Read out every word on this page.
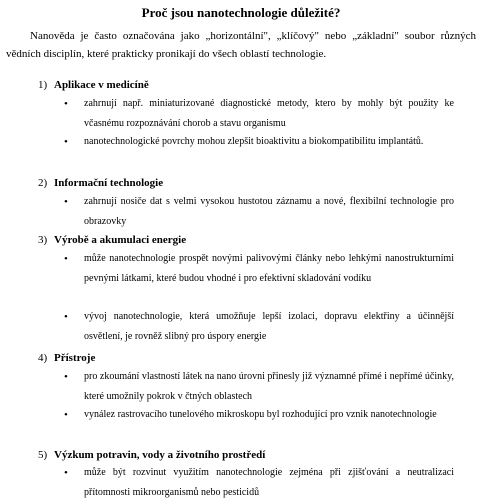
Proč jsou nanotechnologie důležité?
Nanověda je často označována jako „horizontální", „klíčový" nebo „základní" soubor různých vědních disciplín, které prakticky pronikají do všech oblastí technologie.
1) Aplikace v medicíně
• zahrnují např. miniaturizované diagnostické metody, ktero by mohly být použity ke včasnému rozpoznávání chorob a stavu organismu
• nanotechnologické povrchy mohou zlepšit bioaktivitu a biokompatibilitu implantátů.
2) Informační technologie
• zahrnují nosiče dat s velmi vysokou hustotou záznamu a nové, flexibilní technologie pro obrazovky
3) Výrobě a akumulaci energie
• může nanotechnologie prospět novými palivovými články nebo lehkými nanostrukturními pevnými látkami, které budou vhodné i pro efektivní skladování vodíku
• vývoj nanotechnologie, která umožňuje lepší izolaci, dopravu elektřiny a účinnější osvětlení, je rovněž slibný pro úspory energie
4) Přístroje
• pro zkoumání vlastností látek na nano úrovni přinesly již významné přímé i nepřímé účinky, které umožnily pokrok v čtných oblastech
• vynález rastrovacího tunelového mikroskopu byl rozhodující pro vznik nanotechnologie
5) Výzkum potravin, vody a životního prostředí
• může být rozvinut využitím nanotechnologie zejména při zjišťování a neutralizaci přítomnosti mikroorganismů nebo pesticidů
